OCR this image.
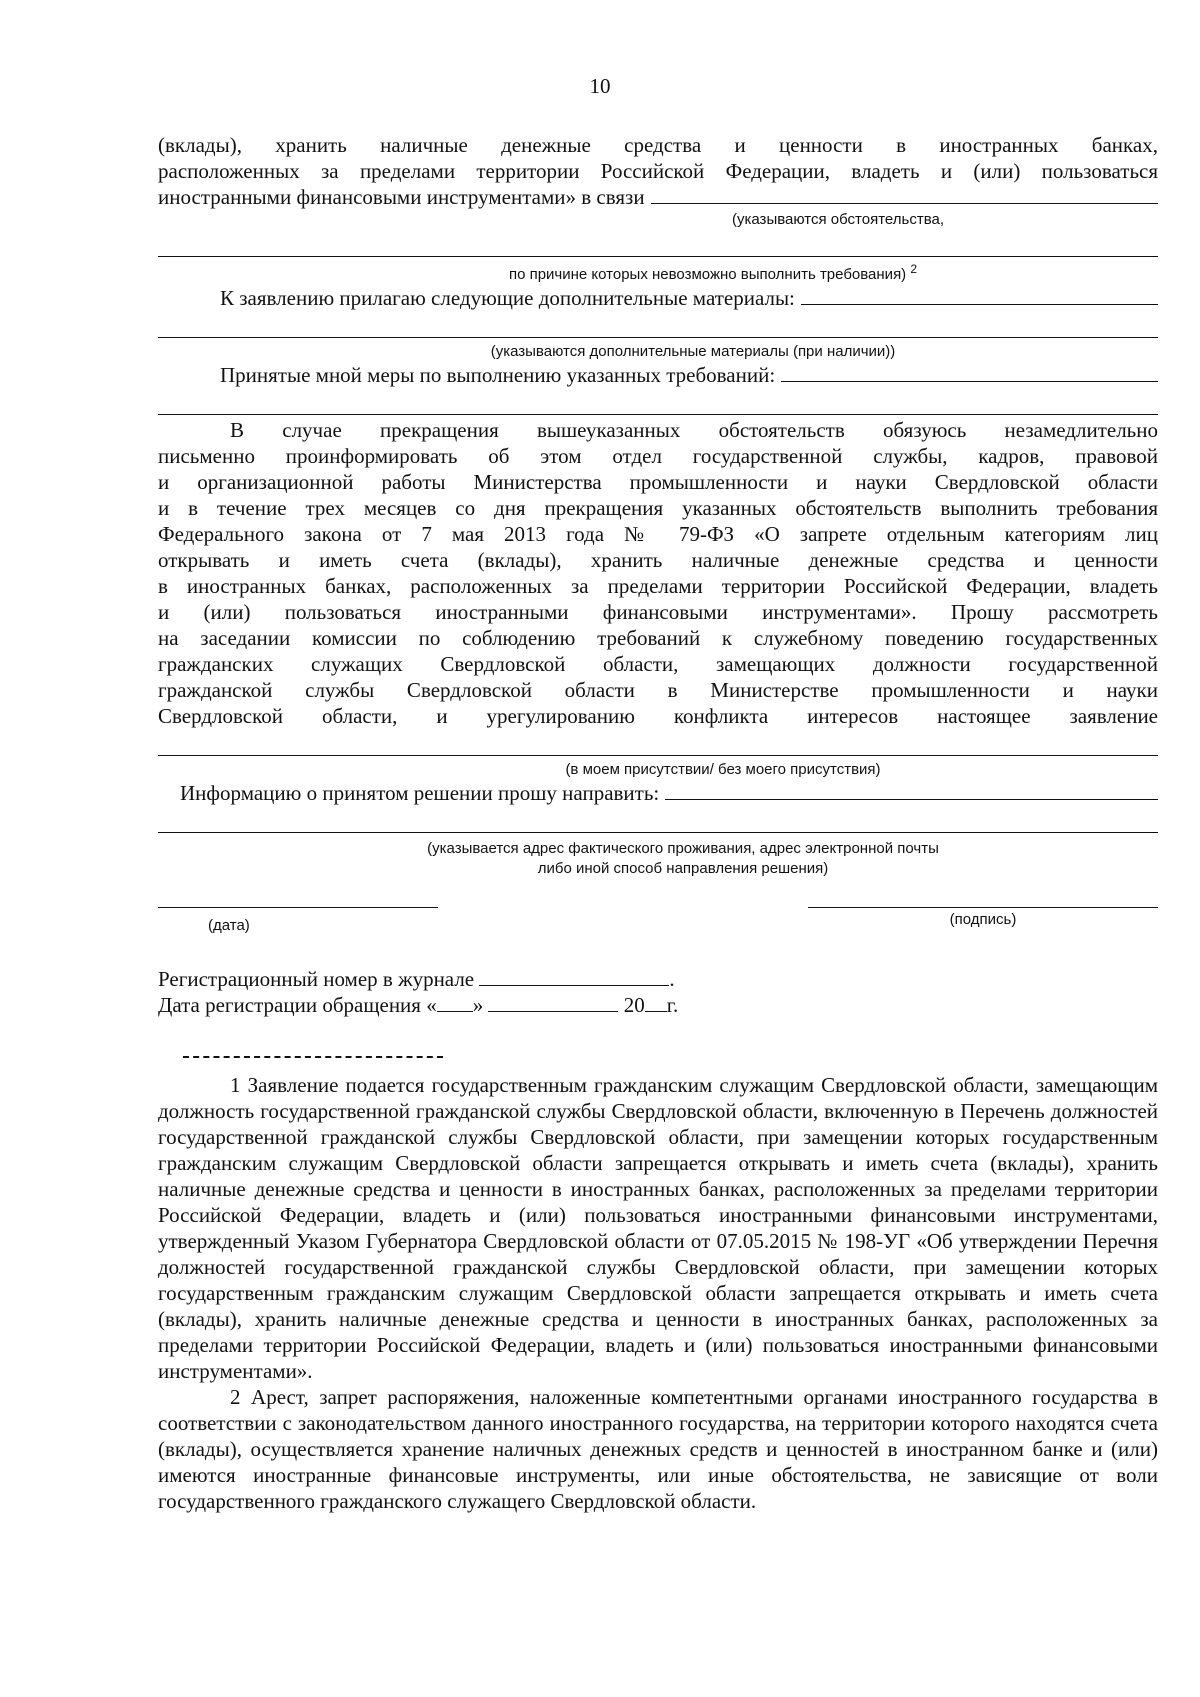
10

(вклады), хранить наличные денежные средства и ценности в иностранных банках,

расположенных за пределами территории Российской Федерации, владеть и (или) пользоваться

иностранными финансовыми инструментами» в связи
(указываются обстоятельства,
по причине которых невозможно выполнить требования) $^2$
К заявлению прилагаю следующие дополнительные материалы:
(указываются дополнительные материалы (при наличии))
Принятые мной меры по выполнению указанных требований:

В случае прекращения вышеуказанных обстоятельств обязуюсь незамедлительно

письменно проинформировать об этом отдел государственной службы, кадров, правовой

и организационной работы Министерства промышленности и науки Свердловской области

и в течение трех месяцев со дня прекращения указанных обстоятельств выполнить требования

Федерального закона от 7 мая 2013 года № 79-ФЗ «О запрете отдельным категориям лиц

открывать и иметь счета (вклады), хранить наличные денежные средства и ценности

в иностранных банках, расположенных за пределами территории Российской Федерации, владеть

и (или) пользоваться иностранными финансовыми инструментами». Прошу рассмотреть

на заседании комиссии по соблюдению требований к служебному поведению государственных

гражданских служащих Свердловской области, замещающих должности государственной

гражданской службы Свердловской области в Министерстве промышленности и науки

Свердловской области, и урегулированию конфликта интересов настоящее заявление

(в моем присутствии/ без моего присутствия)
Информацию о принятом решении прошу направить:
(указывается адрес фактического проживания, адрес электронной почты
либо иной способ направления решения)
(дата)	(подпись)

Регистрационный номер в журнале	.

Дата регистрации обращения « »	20 г.

1 Заявление подается государственным гражданским служащим Свердловской области, замещающим должность государственной гражданской службы Свердловской области, включенную в Перечень должностей государственной гражданской службы Свердловской области, при замещении которых государственным гражданским служащим Свердловской области запрещается открывать и иметь счета (вклады), хранить наличные денежные средства и ценности в иностранных банках, расположенных за пределами территории Российской Федерации, владеть и (или) пользоваться иностранными финансовыми инструментами, утвержденный Указом Губернатора Свердловской области от 07.05.2015 № 198-УГ «Об утверждении Перечня должностей государственной гражданской службы Свердловской области, при замещении которых государственным гражданским служащим Свердловской области запрещается открывать и иметь счета (вклады), хранить наличные денежные средства и ценности в иностранных банках, расположенных за пределами территории Российской Федерации, владеть и (или) пользоваться иностранными финансовыми инструментами».

2 Арест, запрет распоряжения, наложенные компетентными органами иностранного государства в соответствии с законодательством данного иностранного государства, на территории которого находятся счета (вклады), осуществляется хранение наличных денежных средств и ценностей в иностранном банке и (или) имеются иностранные финансовые инструменты, или иные обстоятельства, не зависящие от воли государственного гражданского служащего Свердловской области.
